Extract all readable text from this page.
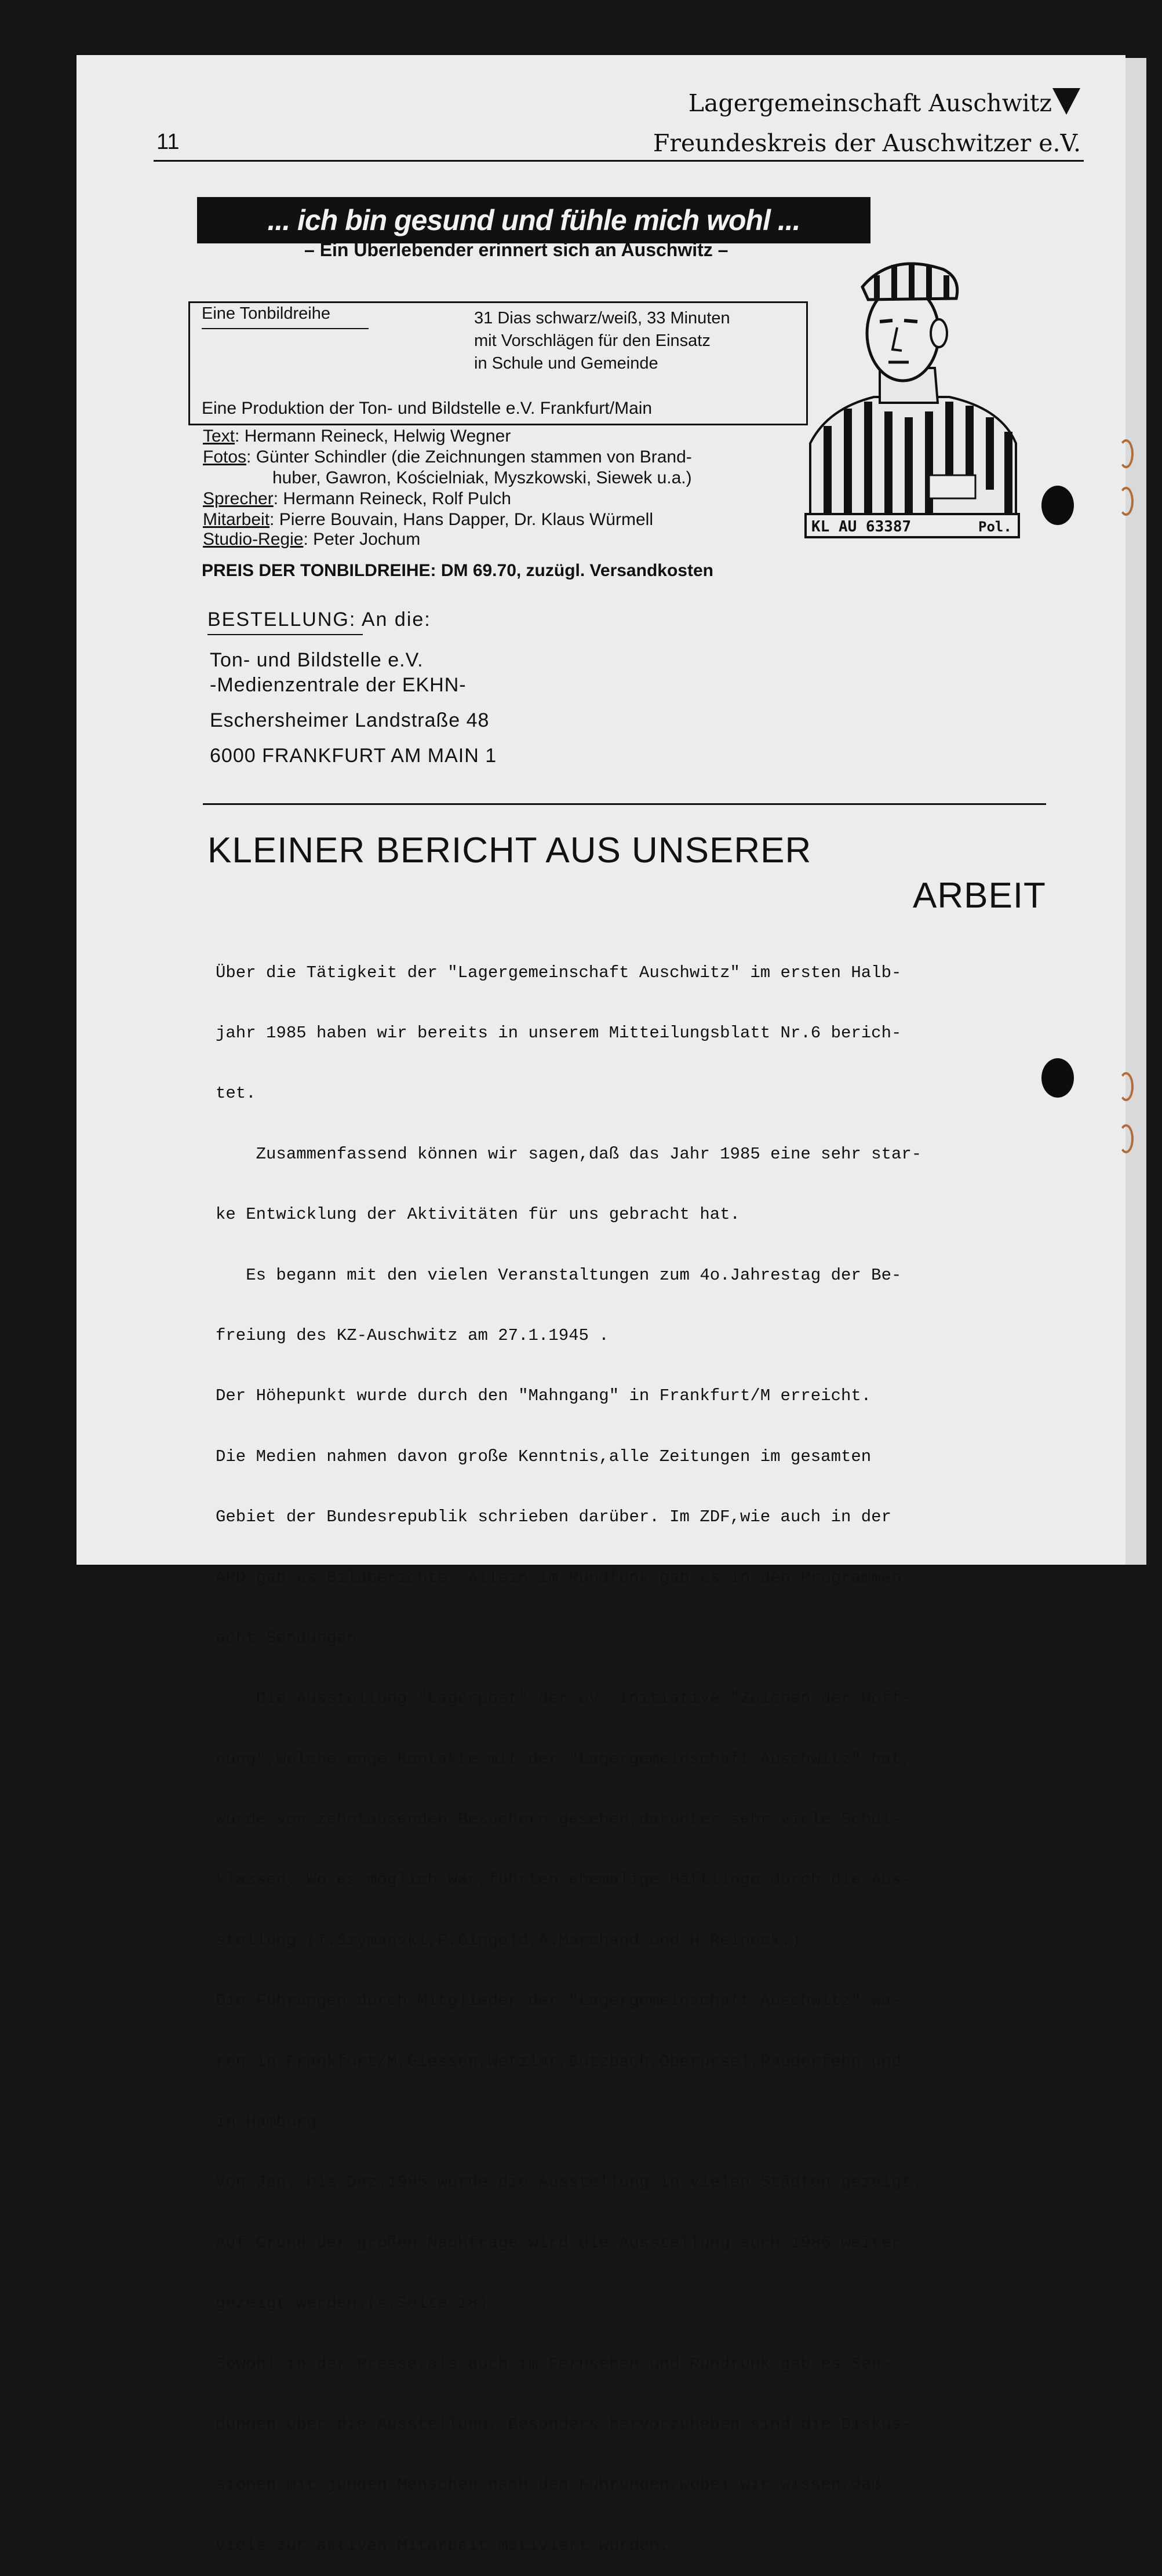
11
Lagergemeinschaft Auschwitz
Freundeskreis der Auschwitzer e.V.
... ich bin gesund und fühle mich wohl ...
– Ein Überlebender erinnert sich an Auschwitz –
Eine Tonbildreihe	31 Dias schwarz/weiß, 33 Minuten
mit Vorschlägen für den Einsatz
in Schule und Gemeinde
Eine Produktion der Ton- und Bildstelle e.V. Frankfurt/Main
Text: Hermann Reineck, Helwig Wegner
Fotos: Günter Schindler (die Zeichnungen stammen von Brand-
huber, Gawron, Kościelniak, Myszkowski, Siewek u.a.)
Sprecher: Hermann Reineck, Rolf Pulch
Mitarbeit: Pierre Bouvain, Hans Dapper, Dr. Klaus Würmell
Studio-Regie: Peter Jochum
PREIS DER TONBILDREIHE: DM 69.70, zuzügl. Versandkosten
KL AU 63387	Pol.
BESTELLUNG: An die:
Ton- und Bildstelle e.V.
-Medienzentrale der EKHN-
Eschersheimer Landstraße 48
6000 FRANKFURT AM MAIN 1
KLEINER BERICHT AUS UNSERER
ARBEIT

Über die Tätigkeit der "Lagergemeinschaft Auschwitz" im ersten Halb-

jahr 1985 haben wir bereits in unserem Mitteilungsblatt Nr.6 berich-

tet.

Zusammenfassend können wir sagen,daß das Jahr 1985 eine sehr star-

ke Entwicklung der Aktivitäten für uns gebracht hat.

Es begann mit den vielen Veranstaltungen zum 4o.Jahrestag der Be-

freiung des KZ-Auschwitz am 27.1.1945 .

Der Höhepunkt wurde durch den "Mahngang" in Frankfurt/M erreicht.

Die Medien nahmen davon große Kenntnis,alle Zeitungen im gesamten

Gebiet der Bundesrepublik schrieben darüber. Im ZDF,wie auch in der

ARD gab es Bildberichte. Allein im Rundfunk gab es in den Programmen

acht Sendungen.

Die Ausstellung "Lagerpost" der ev. Initiative "Zeichen der Hoff-

nung",welche enge Kontakte mit der "Lagergemeinschaft Auschwitz" hat,

wurde von zehntausenden Besuchern gesehen,darunter sehr viele Schul-

klassen. Wo es möglich war,führten ehemalige Häftlinge durch die Aus-

stellung.(T.Szymanski,P.Gingold,A.Marchand und H.Reineck.)

Die Führungen durch Mitglieder der "Lagergemeinschaft Auschwitz" wa-

ren in Frankfurt/M,Giessen,Wetzlar,Butzbach,Oberursel,Rauderfehn und

in Hamburg.

Von Jan. bis Dez.1985 wurde die Ausstellung in vielen Städten gezeigt.

Auf Grund der großen Nachfrage wird die Ausstellung auch 1986 weiter

gezeigt werden.(s.Seite 18)

Sowohl in der Presse,als auch im Fernsehen und Rundfunk gab es Sen-

dungen über die Ausstellung. Besonders hervorzuheben sind die Diskus-

sionen mit jungen Menschen nach den Führungen,wobei wir wissen,daß

viele zur aktiven Mitarbeit motiviert wurden.
